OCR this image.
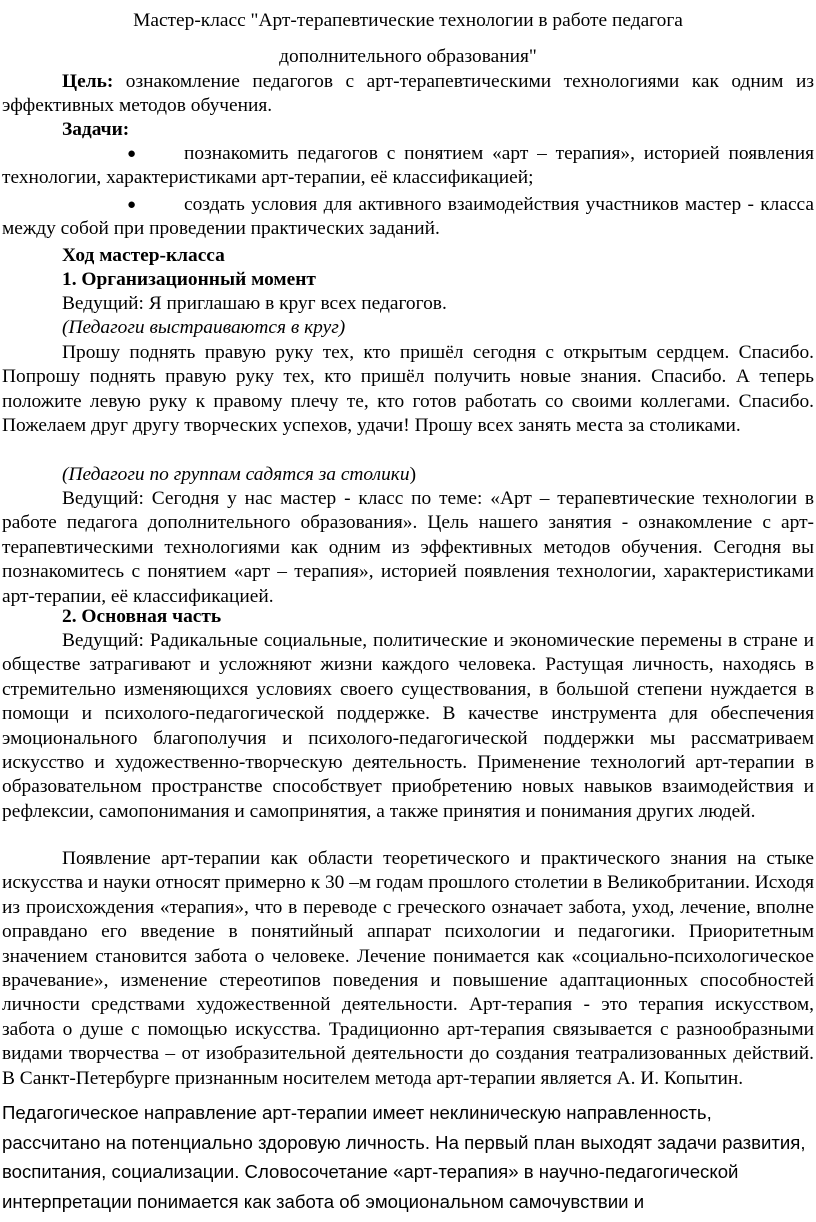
Мастер-класс "Арт-терапевтические технологии в работе педагога

дополнительного образования"

Цель: ознакомление педагогов с арт-терапевтическими технологиями как одним из эффективных методов обучения.

Задачи:

● познакомить педагогов с понятием «арт – терапия», историей появления технологии, характеристиками арт-терапии, её классификацией;
● создать условия для активного взаимодействия участников мастер - класса между собой при проведении практических заданий.

Ход мастер-класса

1. Организационный момент

Ведущий: Я приглашаю в круг всех педагогов.

(Педагоги выстраиваются в круг)

Прошу поднять правую руку тех, кто пришёл сегодня с открытым сердцем. Спасибо. Попрошу поднять правую руку тех, кто пришёл получить новые знания. Спасибо. А теперь положите левую руку к правому плечу те, кто готов работать со своими коллегами. Спасибо. Пожелаем друг другу творческих успехов, удачи! Прошу всех занять места за столиками.

(Педагоги по группам садятся за столики)

Ведущий: Сегодня у нас мастер - класс по теме: «Арт – терапевтические технологии в работе педагога дополнительного образования». Цель нашего занятия - ознакомление с арт-терапевтическими технологиями как одним из эффективных методов обучения. Сегодня вы познакомитесь с понятием «арт – терапия», историей появления технологии, характеристиками арт-терапии, её классификацией.

2. Основная часть

Ведущий: Радикальные социальные, политические и экономические перемены в стране и обществе затрагивают и усложняют жизни каждого человека. Растущая личность, находясь в стремительно изменяющихся условиях своего существования, в большой степени нуждается в помощи и психолого-педагогической поддержке. В качестве инструмента для обеспечения эмоционального благополучия и психолого-педагогической поддержки мы рассматриваем искусство и художественно-творческую деятельность. Применение технологий арт-терапии в образовательном пространстве способствует приобретению новых навыков взаимодействия и рефлексии, самопонимания и самопринятия, а также принятия и понимания других людей.

Появление арт-терапии как области теоретического и практического знания на стыке искусства и науки относят примерно к 30 –м годам прошлого столетии в Великобритании. Исходя из происхождения «терапия», что в переводе с греческого означает забота, уход, лечение, вполне оправдано его введение в понятийный аппарат психологии и педагогики. Приоритетным значением становится забота о человеке. Лечение понимается как «социально-психологическое врачевание», изменение стереотипов поведения и повышение адаптационных способностей личности средствами художественной деятельности. Арт-терапия - это терапия искусством, забота о душе с помощью искусства. Традиционно арт-терапия связывается с разнообразными видами творчества – от изобразительной деятельности до создания театрализованных действий. В Санкт-Петербурге признанным носителем метода арт-терапии является А. И. Копытин.

Педагогическое направление арт-терапии имеет неклиническую направленность, рассчитано на потенциально здоровую личность. На первый план выходят задачи развития, воспитания, социализации. Словосочетание «арт-терапия» в научно-педагогической интерпретации понимается как забота об эмоциональном самочувствии и
